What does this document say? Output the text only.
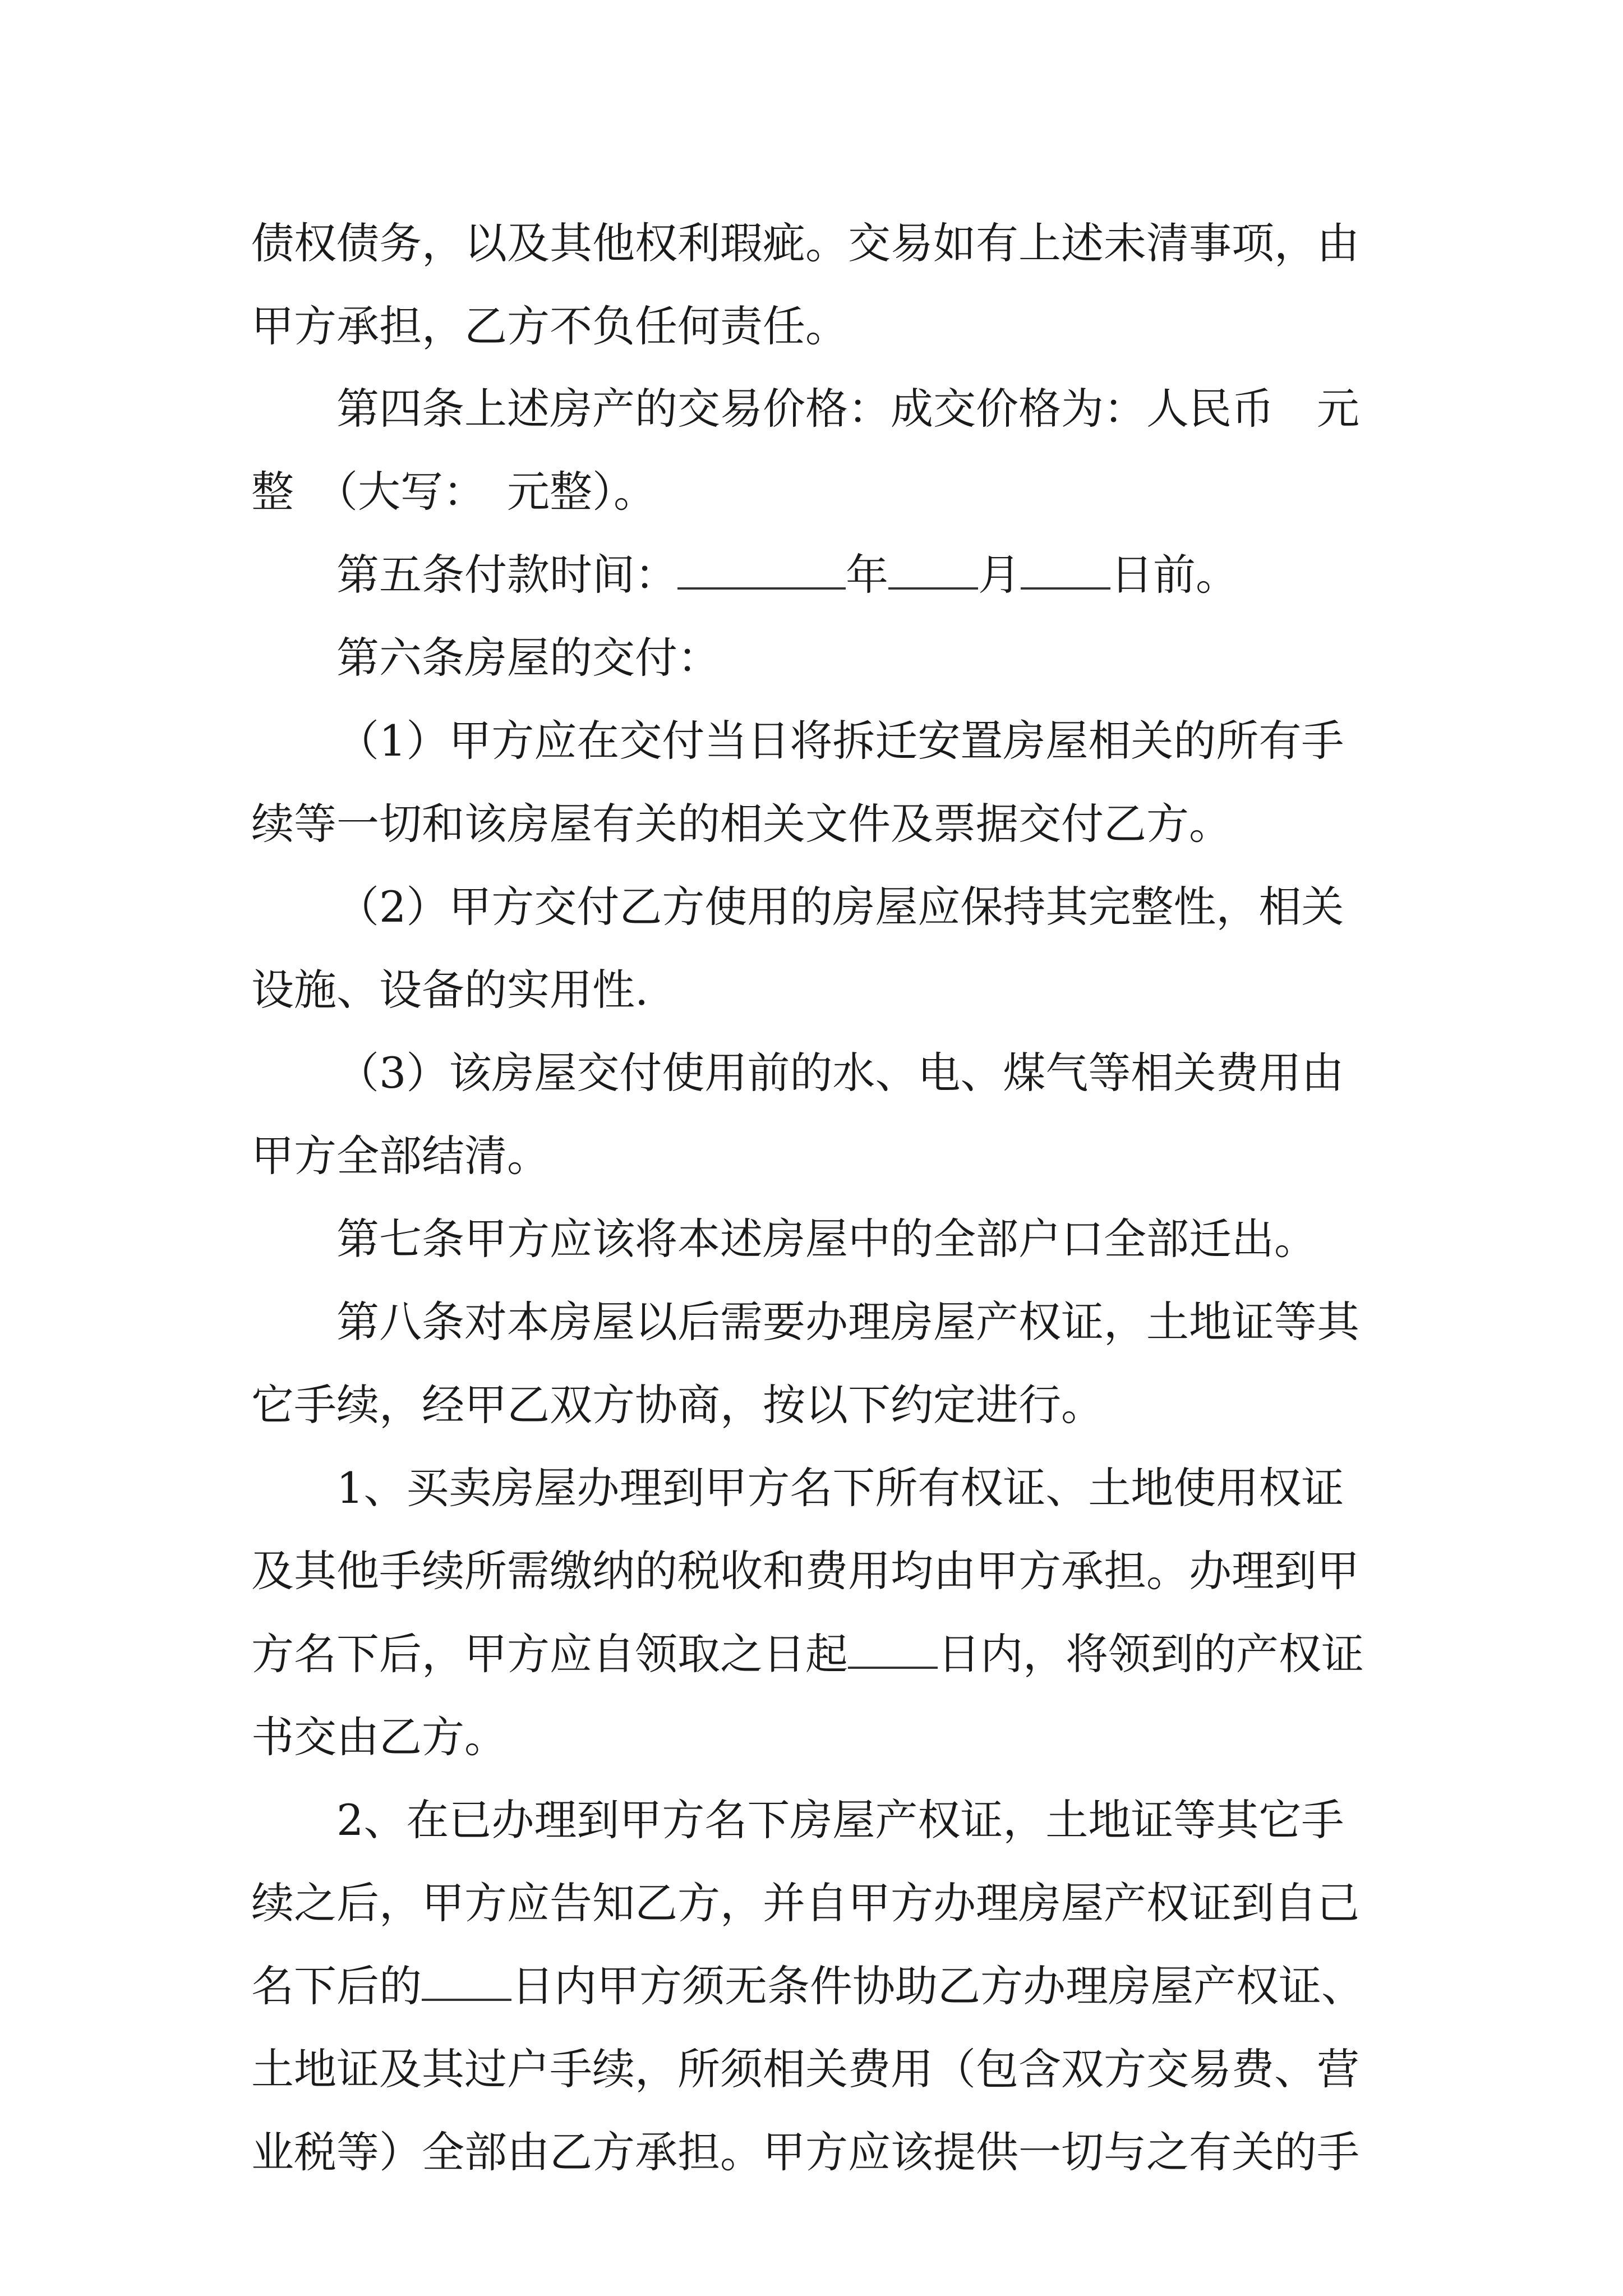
债权债务，以及其他权利瑕疵。交易如有上述未清事项，由
甲方承担，乙方不负任何责任。
第四条上述房产的交易价格：成交价格为：人民币　元
整　（大写：　元整）。
第五条付款时间：	年 月 日前。
第六条房屋的交付：
（1）甲方应在交付当日将拆迁安置房屋相关的所有手
续等一切和该房屋有关的相关文件及票据交付乙方。
（2）甲方交付乙方使用的房屋应保持其完整性，相关
设施、设备的实用性.
（3）该房屋交付使用前的水、电、煤气等相关费用由
甲方全部结清。
第七条甲方应该将本述房屋中的全部户口全部迁出。
第八条对本房屋以后需要办理房屋产权证，土地证等其
它手续，经甲乙双方协商，按以下约定进行。
1、买卖房屋办理到甲方名下所有权证、土地使用权证
及其他手续所需缴纳的税收和费用均由甲方承担。办理到甲
方名下后，甲方应自领取之日起 日内，将领到的产权证
书交由乙方。
2、在已办理到甲方名下房屋产权证，土地证等其它手
续之后，甲方应告知乙方，并自甲方办理房屋产权证到自己
名下后的 日内甲方须无条件协助乙方办理房屋产权证、
土地证及其过户手续，所须相关费用（包含双方交易费、营
业税等）全部由乙方承担。甲方应该提供一切与之有关的手
